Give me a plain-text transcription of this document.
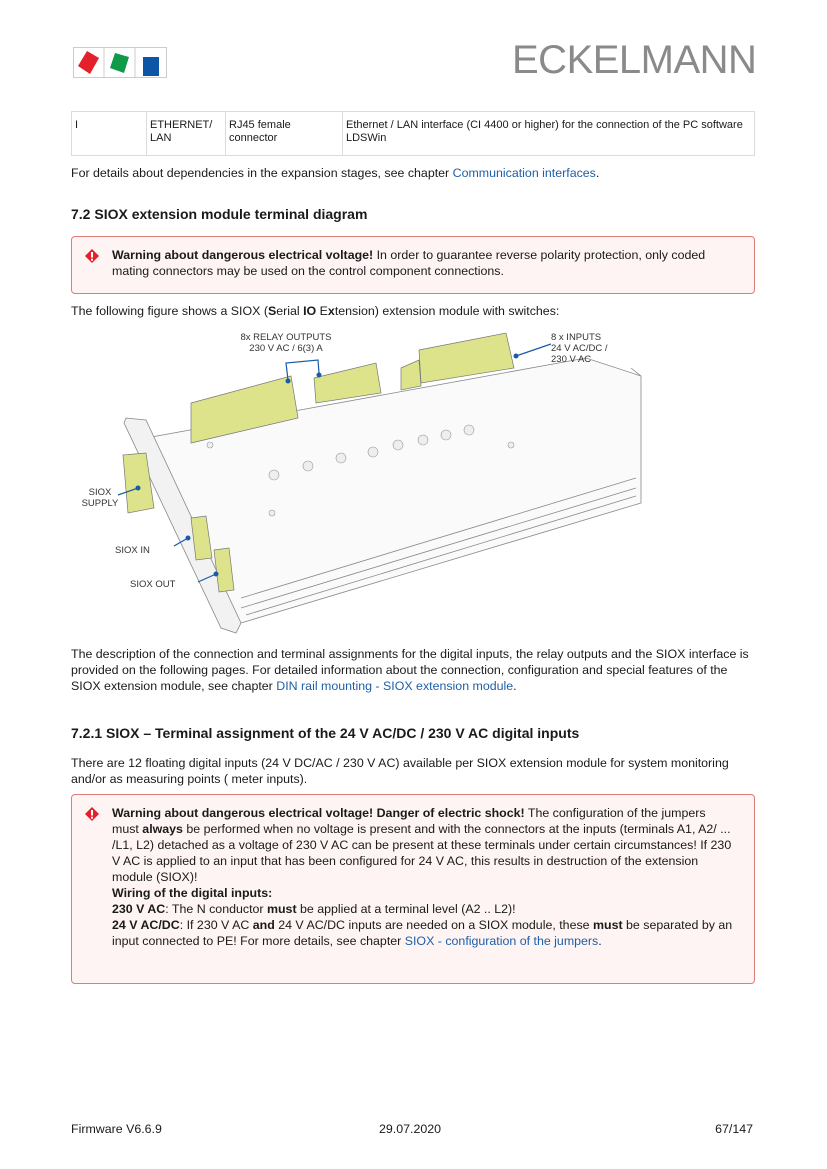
ECKELMANN
I	ETHERNET/ LAN	RJ45 female connector	Ethernet / LAN interface (CI 4400 or higher) for the connection of the PC software LDSWin
For details about dependencies in the expansion stages, see chapter Communication interfaces.
7.2 SIOX extension module terminal diagram
Warning about dangerous electrical voltage! In order to guarantee reverse polarity protection, only coded mating connectors may be used on the control component connections.
The following figure shows a SIOX (Serial IO Extension) extension module with switches:
8x RELAY OUTPUTS
230 V AC / 6(3) A
8 x INPUTS
24 V AC/DC /
230 V AC
SIOX
SUPPLY
SIOX IN
SIOX OUT
The description of the connection and terminal assignments for the digital inputs, the relay outputs and the SIOX interface is provided on the following pages. For detailed information about the connection, configuration and special features of the SIOX extension module, see chapter DIN rail mounting - SIOX extension module.
7.2.1 SIOX – Terminal assignment of the 24 V AC/DC / 230 V AC digital inputs
There are 12 floating digital inputs (24 V DC/AC / 230 V AC) available per SIOX extension module for system monitoring and/or as measuring points ( meter inputs).
Warning about dangerous electrical voltage! Danger of electric shock! The configuration of the jumpers must always be performed when no voltage is present and with the connectors at the inputs (terminals A1, A2/ ... /L1, L2) detached as a voltage of 230 V AC can be present at these terminals under certain circumstances! If 230 V AC is applied to an input that has been configured for 24 V AC, this results in destruction of the extension module (SIOX)!
Wiring of the digital inputs:
230 V AC: The N conductor must be applied at a terminal level (A2 .. L2)!
24 V AC/DC: If 230 V AC and 24 V AC/DC inputs are needed on a SIOX module, these must be separated by an input connected to PE! For more details, see chapter SIOX - configuration of the jumpers.
Firmware V6.6.9	29.07.2020	67/147
